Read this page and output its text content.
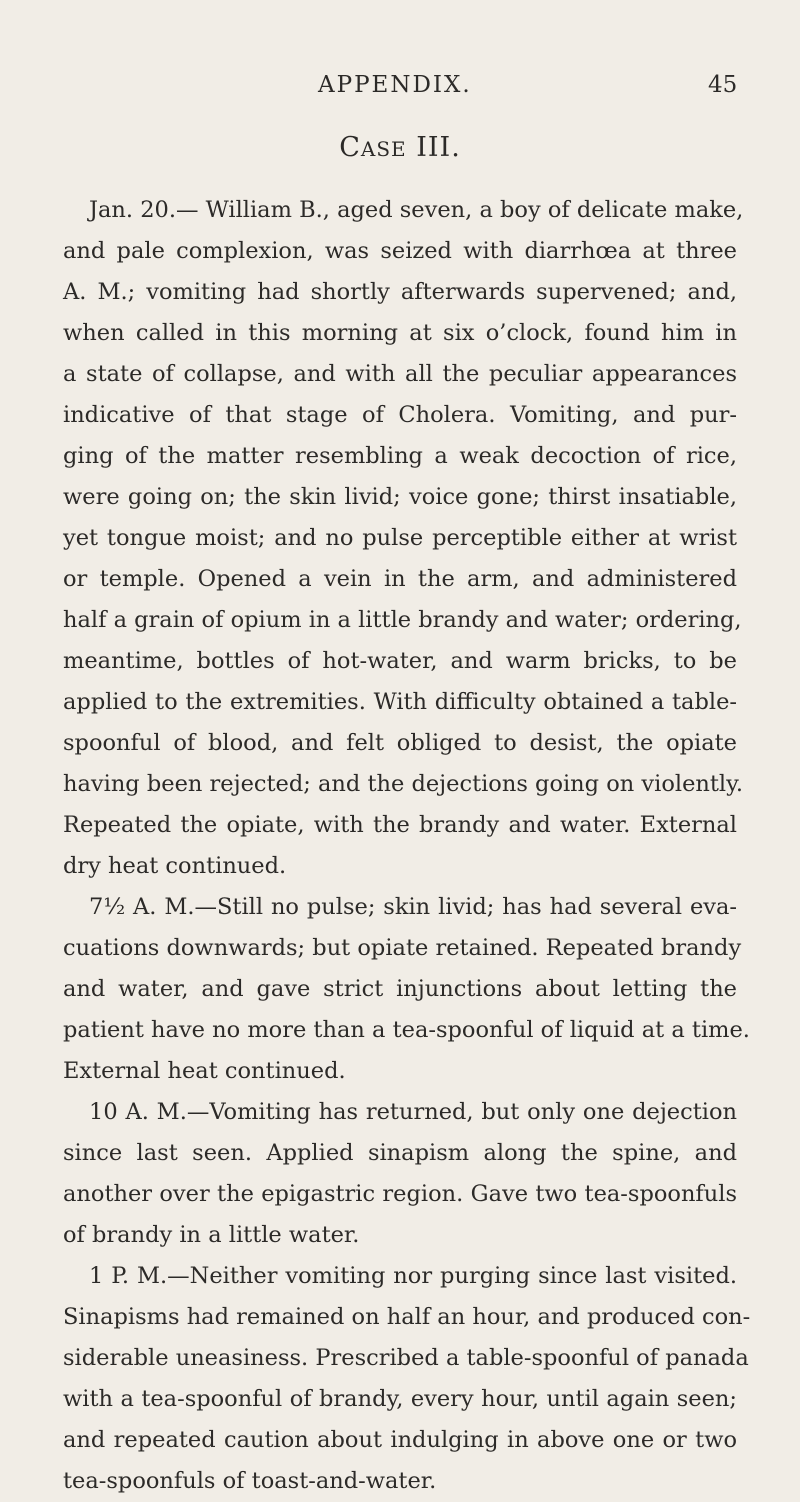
APPENDIX.	45
CASE III.
Jan. 20.— William B., aged seven, a boy of delicate make,
and pale complexion, was seized with diarrhœa at three
A. M.; vomiting had shortly afterwards supervened; and,
when called in this morning at six o’clock, found him in
a state of collapse, and with all the peculiar appearances
indicative of that stage of Cholera. Vomiting, and pur-
ging of the matter resembling a weak decoction of rice,
were going on; the skin livid; voice gone; thirst insatiable,
yet tongue moist; and no pulse perceptible either at wrist
or temple. Opened a vein in the arm, and administered
half a grain of opium in a little brandy and water; ordering,
meantime, bottles of hot-water, and warm bricks, to be
applied to the extremities. With difficulty obtained a table-
spoonful of blood, and felt obliged to desist, the opiate
having been rejected; and the dejections going on violently.
Repeated the opiate, with the brandy and water. External
dry heat continued.
7½ A. M.—Still no pulse; skin livid; has had several eva-
cuations downwards; but opiate retained. Repeated brandy
and water, and gave strict injunctions about letting the
patient have no more than a tea-spoonful of liquid at a time.
External heat continued.
10 A. M.—Vomiting has returned, but only one dejection
since last seen. Applied sinapism along the spine, and
another over the epigastric region. Gave two tea-spoonfuls
of brandy in a little water.
1 P. M.—Neither vomiting nor purging since last visited.
Sinapisms had remained on half an hour, and produced con-
siderable uneasiness. Prescribed a table-spoonful of panada
with a tea-spoonful of brandy, every hour, until again seen;
and repeated caution about indulging in above one or two
tea-spoonfuls of toast-and-water.
